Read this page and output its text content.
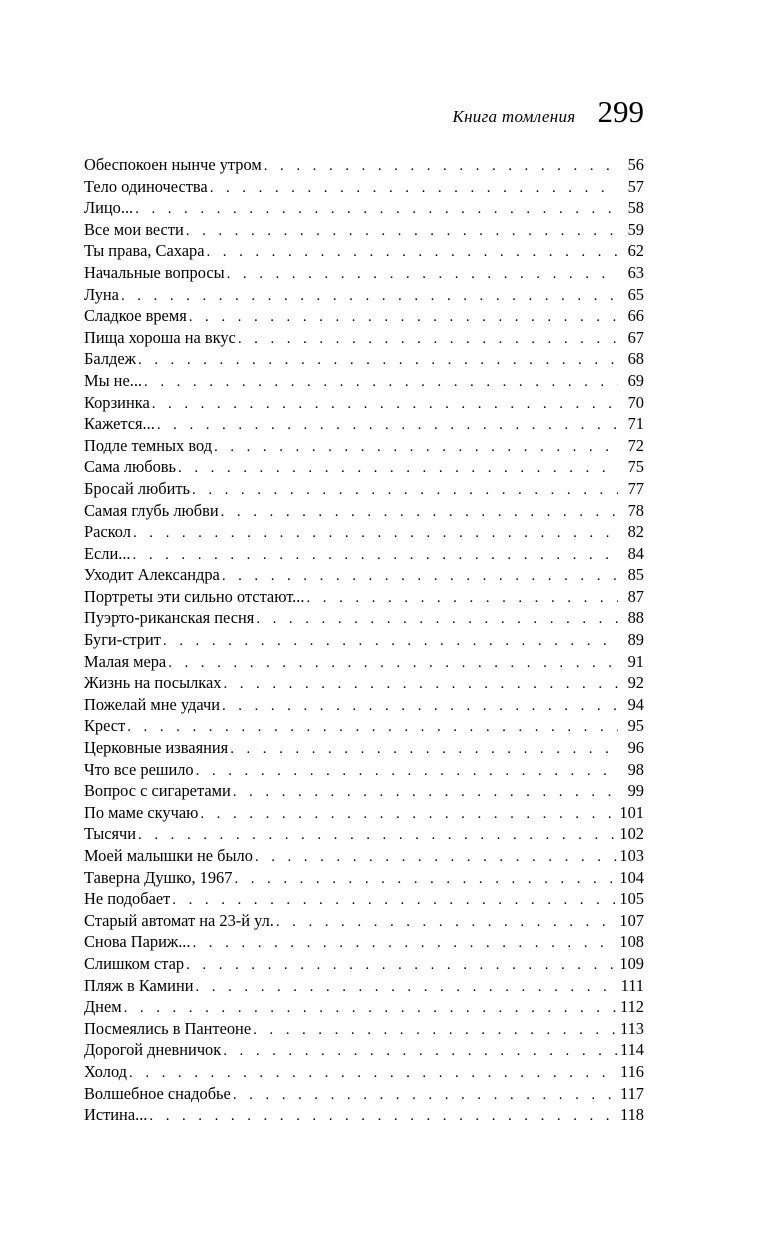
Книга томления 299
Обеспокоен нынче утром . . .	56
Тело одиночества . . .	57
Лицо... . . .	58
Все мои вести . . .	59
Ты права, Сахара . . .	62
Начальные вопросы . . .	63
Луна . . .	65
Сладкое время . . .	66
Пища хороша на вкус . . .	67
Балдеж . . .	68
Мы не... . . .	69
Корзинка . . .	70
Кажется... . . .	71
Подле темных вод . . .	72
Сама любовь . . .	75
Бросай любить . . .	77
Самая глубь любви . . .	78
Раскол . . .	82
Если... . . .	84
Уходит Александра . . .	85
Портреты эти сильно отстают... . . .	87
Пуэрто-риканская песня . . .	88
Буги-стрит . . .	89
Малая мера . . .	91
Жизнь на посылках . . .	92
Пожелай мне удачи . . .	94
Крест . . .	95
Церковные изваяния . . .	96
Что все решило . . .	98
Вопрос с сигаретами . . .	99
По маме скучаю . . .	101
Тысячи . . .	102
Моей малышки не было . . .	103
Таверна Душко, 1967 . . .	104
Не подобает . . .	105
Старый автомат на 23-й ул. . . .	107
Снова Париж... . . .	108
Слишком стар . . .	109
Пляж в Камини . . .	111
Днем . . .	112
Посмеялись в Пантеоне . . .	113
Дорогой дневничок . . .	114
Холод . . .	116
Волшебное снадобье . . .	117
Истина... . . .	118
